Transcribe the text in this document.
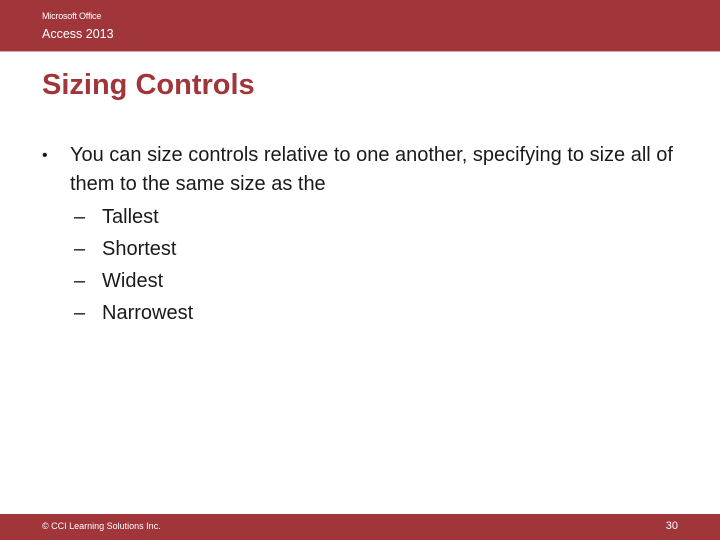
Microsoft Office
Access 2013
Sizing Controls
• You can size controls relative to one another, specifying to size all of them to the same size as the
– Tallest
– Shortest
– Widest
– Narrowest
© CCI Learning Solutions Inc.	30
